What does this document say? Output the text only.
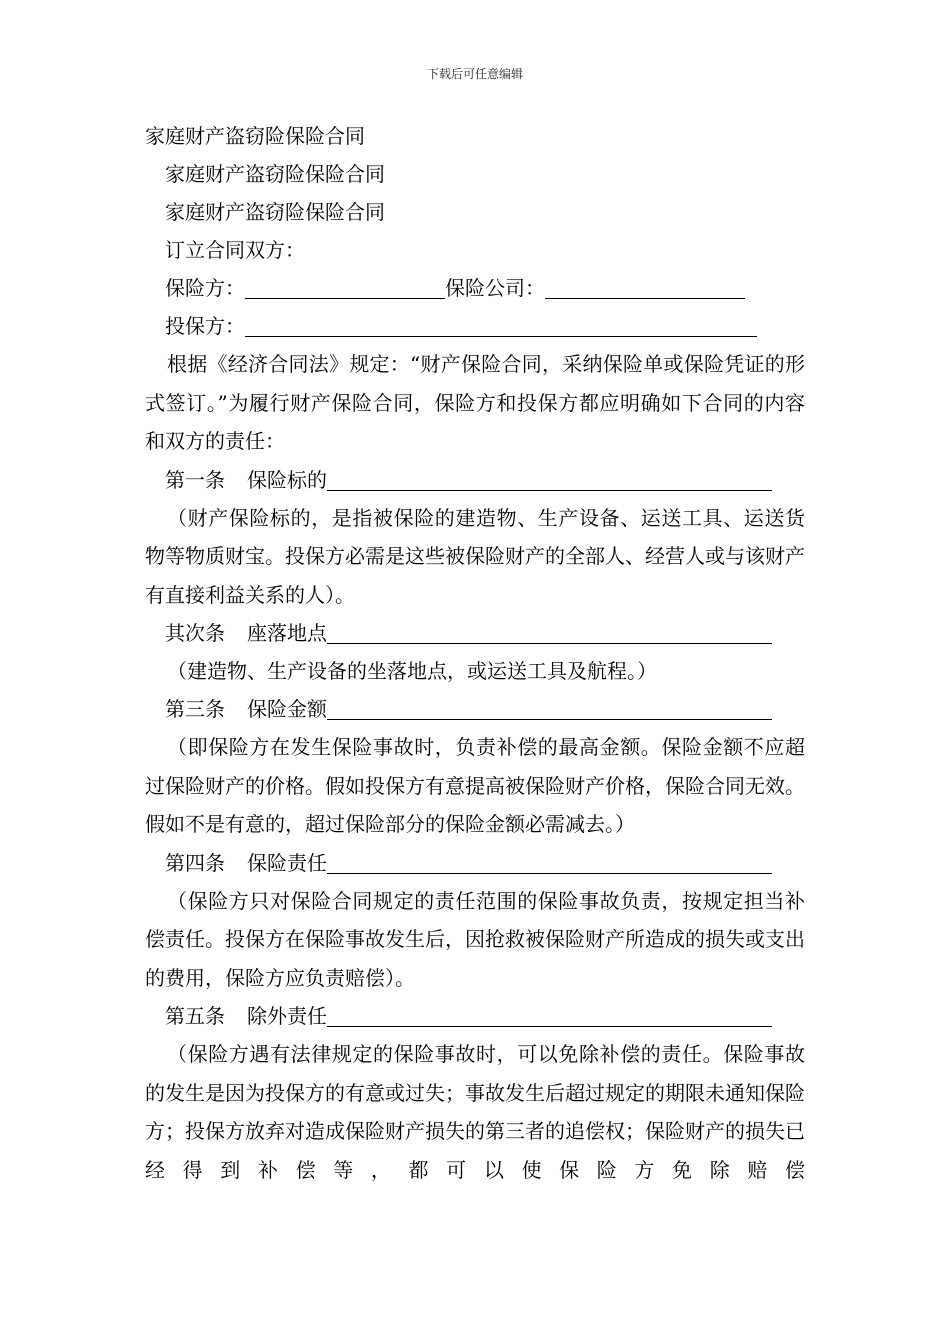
下载后可任意编辑
家庭财产盗窃险保险合同
家庭财产盗窃险保险合同
家庭财产盗窃险保险合同
订立合同双方：
保险方：	保险公司：
投保方：
根据《经济合同法》规定：“财产保险合同，采纳保险单或保险凭证的形式签订。”为履行财产保险合同，保险方和投保方都应明确如下合同的内容和双方的责任：
第一条 保险标的
（财产保险标的，是指被保险的建造物、生产设备、运送工具、运送货物等物质财宝。投保方必需是这些被保险财产的全部人、经营人或与该财产有直接利益关系的人）。
其次条 座落地点
（建造物、生产设备的坐落地点，或运送工具及航程。）
第三条 保险金额
（即保险方在发生保险事故时，负责补偿的最高金额。保险金额不应超过保险财产的价格。假如投保方有意提高被保险财产价格，保险合同无效。假如不是有意的，超过保险部分的保险金额必需减去。）
第四条 保险责任
（保险方只对保险合同规定的责任范围的保险事故负责，按规定担当补偿责任。投保方在保险事故发生后，因抢救被保险财产所造成的损失或支出的费用，保险方应负责赔偿）。
第五条 除外责任
（保险方遇有法律规定的保险事故时，可以免除补偿的责任。保险事故的发生是因为投保方的有意或过失；事故发生后超过规定的期限未通知保险方；投保方放弃对造成保险财产损失的第三者的追偿权；保险财产的损失已经得到补偿等，都可以使保险方免除赔偿
